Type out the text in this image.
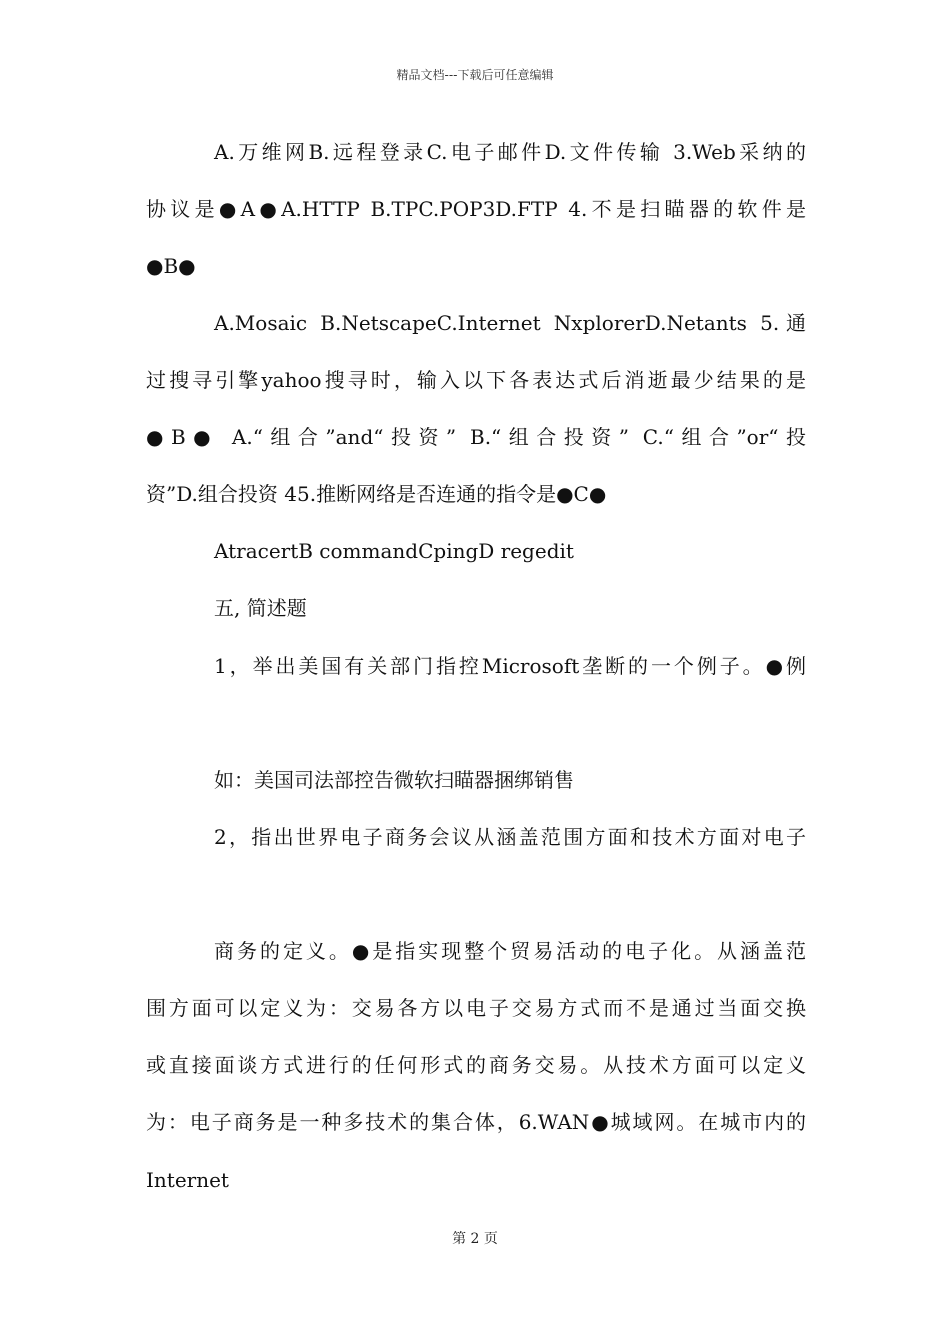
精品文档---下载后可任意编辑
A.万维网B.远程登录C.电子邮件D.文件传输 3.Web采纳的
协议是●A●A.HTTP B.TPC.POP3D.FTP 4.不是扫瞄器的软件是
●B●
A.Mosaic B.NetscapeC.Internet NxplorerD.Netants 5.通
过搜寻引擎yahoo搜寻时，输入以下各表达式后消逝最少结果的是
●B● A.“组合”and“投资” B.“组合投资” C.“组合”or“投
资”D.组合投资 45.推断网络是否连通的指令是●C●
AtracertB commandCpingD regedit
五, 简述题
1，举出美国有关部门指控Microsoft垄断的一个例子。●例
如：美国司法部控告微软扫瞄器捆绑销售
2，指出世界电子商务会议从涵盖范围方面和技术方面对电子
商务的定义。●是指实现整个贸易活动的电子化。从涵盖范
围方面可以定义为：交易各方以电子交易方式而不是通过当面交换
或直接面谈方式进行的任何形式的商务交易。从技术方面可以定义
为：电子商务是一种多技术的集合体，6.WAN●城域网。在城市内的
Internet
第 2 页
